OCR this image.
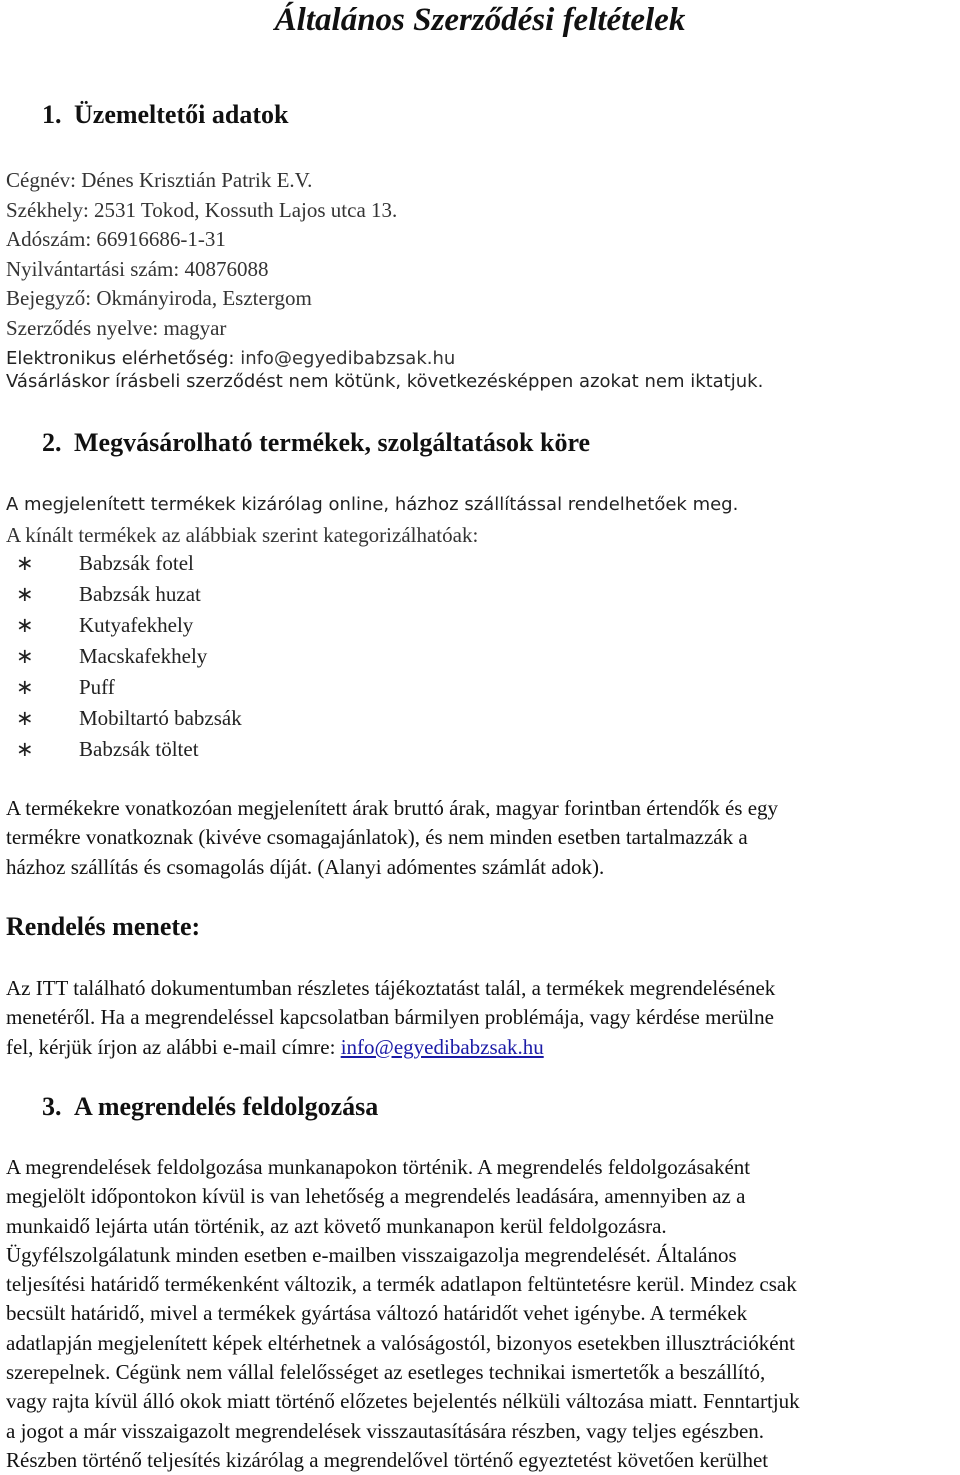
Általános Szerződési feltételek
1. Üzemeltetői adatok
Cégnév: Dénes Krisztián Patrik E.V.
Székhely: 2531 Tokod, Kossuth Lajos utca 13.
Adószám: 66916686-1-31
Nyilvántartási szám: 40876088
Bejegyző: Okmányiroda, Esztergom
Szerződés nyelve: magyar
Elektronikus elérhetőség: info@egyedibabzsak.hu
Vásárláskor írásbeli szerződést nem kötünk, következésképpen azokat nem iktatjuk.
2. Megvásárolható termékek, szolgáltatások köre
A megjelenített termékek kizárólag online, házhoz szállítással rendelhetőek meg.
A kínált termékek az alábbiak szerint kategorizálhatóak:
∗ Babzsák fotel
∗ Babzsák huzat
∗ Kutyafekhely
∗ Macskafekhely
∗ Puff
∗ Mobiltartó babzsák
∗ Babzsák töltet
A termékekre vonatkozóan megjelenített árak bruttó árak, magyar forintban értendők és egy
termékre vonatkoznak (kivéve csomagajánlatok), és nem minden esetben tartalmazzák a
házhoz szállítás és csomagolás díját. (Alanyi adómentes számlát adok).
Rendelés menete:
Az ITT található dokumentumban részletes tájékoztatást talál, a termékek megrendelésének
menetéről. Ha a megrendeléssel kapcsolatban bármilyen problémája, vagy kérdése merülne
fel, kérjük írjon az alábbi e-mail címre: info@egyedibabzsak.hu
3. A megrendelés feldolgozása
A megrendelések feldolgozása munkanapokon történik. A megrendelés feldolgozásaként
megjelölt időpontokon kívül is van lehetőség a megrendelés leadására, amennyiben az a
munkaidő lejárta után történik, az azt követő munkanapon kerül feldolgozásra.
Ügyfélszolgálatunk minden esetben e-mailben visszaigazolja megrendelését. Általános
teljesítési határidő termékenként változik, a termék adatlapon feltüntetésre kerül. Mindez csak
becsült határidő, mivel a termékek gyártása változó határidőt vehet igénybe. A termékek
adatlapján megjelenített képek eltérhetnek a valóságostól, bizonyos esetekben illusztrációként
szerepelnek. Cégünk nem vállal felelősséget az esetleges technikai ismertetők a beszállító,
vagy rajta kívül álló okok miatt történő előzetes bejelentés nélküli változása miatt. Fenntartjuk
a jogot a már visszaigazolt megrendelések visszautasítására részben, vagy teljes egészben.
Részben történő teljesítés kizárólag a megrendelővel történő egyeztetést követően kerülhet
